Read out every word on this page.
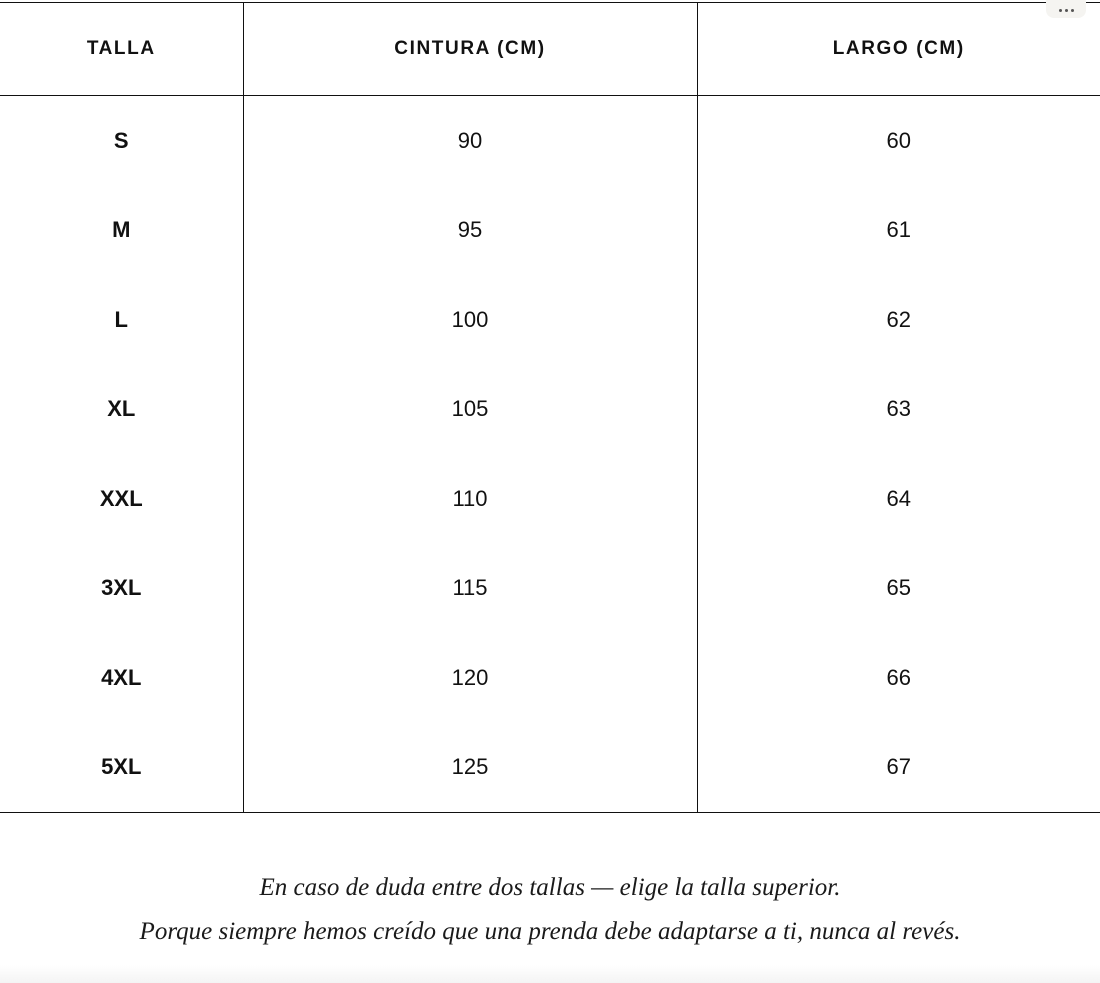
TALLA	CINTURA (CM)	LARGO (CM)
S	90	60
M	95	61
L	100	62
XL	105	63
XXL	110	64
3XL	115	65
4XL	120	66
5XL	125	67

En caso de duda entre dos tallas — elige la talla superior.

Porque siempre hemos creído que una prenda debe adaptarse a ti, nunca al revés.
